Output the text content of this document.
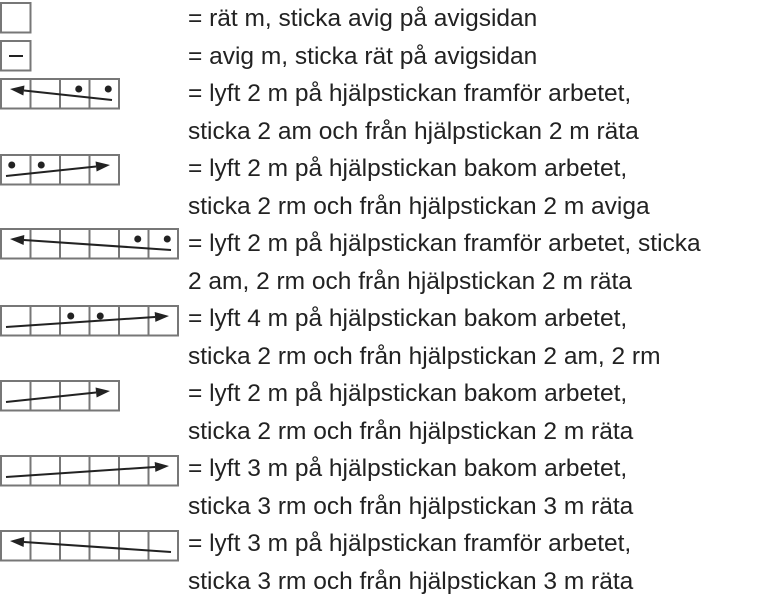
= rät m, sticka avig på avigsidan
= avig m, sticka rät på avigsidan
= lyft 2 m på hjälpstickan framför arbetet,
sticka 2 am och från hjälpstickan 2 m räta
= lyft 2 m på hjälpstickan bakom arbetet,
sticka 2 rm och från hjälpstickan 2 m aviga
= lyft 2 m på hjälpstickan framför arbetet, sticka
2 am, 2 rm och från hjälpstickan 2 m räta
= lyft 4 m på hjälpstickan bakom arbetet,
sticka 2 rm och från hjälpstickan 2 am, 2 rm
= lyft 2 m på hjälpstickan bakom arbetet,
sticka 2 rm och från hjälpstickan 2 m räta
= lyft 3 m på hjälpstickan bakom arbetet,
sticka 3 rm och från hjälpstickan 3 m räta
= lyft 3 m på hjälpstickan framför arbetet,
sticka 3 rm och från hjälpstickan 3 m räta
